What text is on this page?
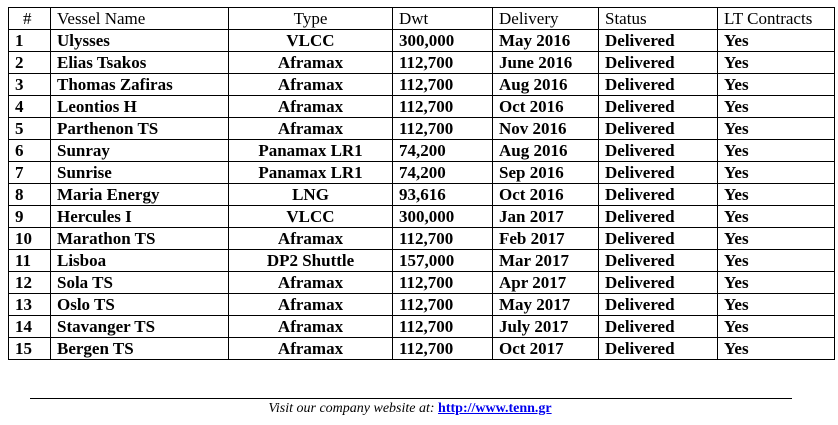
#	Vessel Name	Type	Dwt	Delivery	Status	LT Contracts
1	Ulysses	VLCC	300,000	May 2016	Delivered	Yes
2	Elias Tsakos	Aframax	112,700	June 2016	Delivered	Yes
3	Thomas Zafiras	Aframax	112,700	Aug 2016	Delivered	Yes
4	Leontios H	Aframax	112,700	Oct 2016	Delivered	Yes
5	Parthenon TS	Aframax	112,700	Nov 2016	Delivered	Yes
6	Sunray	Panamax LR1	74,200	Aug 2016	Delivered	Yes
7	Sunrise	Panamax LR1	74,200	Sep 2016	Delivered	Yes
8	Maria Energy	LNG	93,616	Oct 2016	Delivered	Yes
9	Hercules I	VLCC	300,000	Jan 2017	Delivered	Yes
10	Marathon TS	Aframax	112,700	Feb 2017	Delivered	Yes
11	Lisboa	DP2 Shuttle	157,000	Mar 2017	Delivered	Yes
12	Sola TS	Aframax	112,700	Apr 2017	Delivered	Yes
13	Oslo TS	Aframax	112,700	May 2017	Delivered	Yes
14	Stavanger TS	Aframax	112,700	July 2017	Delivered	Yes
15	Bergen TS	Aframax	112,700	Oct 2017	Delivered	Yes
Visit our company website at: http://www.tenn.gr
